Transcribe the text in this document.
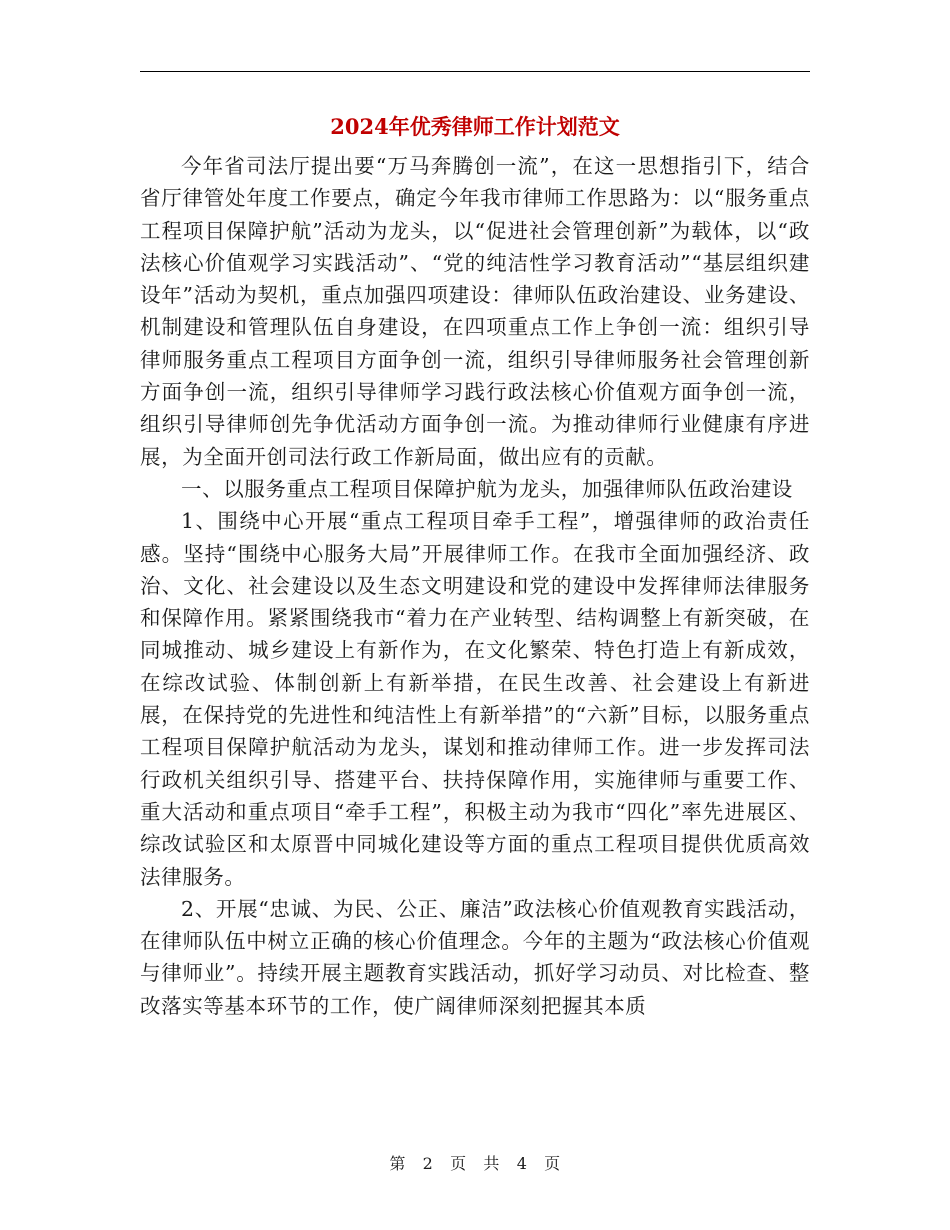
2024年优秀律师工作计划范文

今年省司法厅提出要“万马奔腾创一流”，在这一思想指引下，结合省厅律管处年度工作要点，确定今年我市律师工作思路为：以“服务重点工程项目保障护航”活动为龙头，以“促进社会管理创新”为载体，以“政法核心价值观学习实践活动”、“党的纯洁性学习教育活动”“基层组织建设年”活动为契机，重点加强四项建设：律师队伍政治建设、业务建设、机制建设和管理队伍自身建设，在四项重点工作上争创一流：组织引导律师服务重点工程项目方面争创一流，组织引导律师服务社会管理创新方面争创一流，组织引导律师学习践行政法核心价值观方面争创一流，组织引导律师创先争优活动方面争创一流。为推动律师行业健康有序进展，为全面开创司法行政工作新局面，做出应有的贡献。

一、以服务重点工程项目保障护航为龙头，加强律师队伍政治建设

1、围绕中心开展“重点工程项目牵手工程”，增强律师的政治责任感。坚持“围绕中心服务大局”开展律师工作。在我市全面加强经济、政治、文化、社会建设以及生态文明建设和党的建设中发挥律师法律服务和保障作用。紧紧围绕我市“着力在产业转型、结构调整上有新突破，在同城推动、城乡建设上有新作为，在文化繁荣、特色打造上有新成效，在综改试验、体制创新上有新举措，在民生改善、社会建设上有新进展，在保持党的先进性和纯洁性上有新举措”的“六新”目标，以服务重点工程项目保障护航活动为龙头，谋划和推动律师工作。进一步发挥司法行政机关组织引导、搭建平台、扶持保障作用，实施律师与重要工作、重大活动和重点项目“牵手工程”，积极主动为我市“四化”率先进展区、综改试验区和太原晋中同城化建设等方面的重点工程项目提供优质高效法律服务。

2、开展“忠诚、为民、公正、廉洁”政法核心价值观教育实践活动，在律师队伍中树立正确的核心价值理念。今年的主题为“政法核心价值观与律师业”。持续开展主题教育实践活动，抓好学习动员、对比检查、整改落实等基本环节的工作，使广阔律师深刻把握其本质

第 2 页 共 4 页
